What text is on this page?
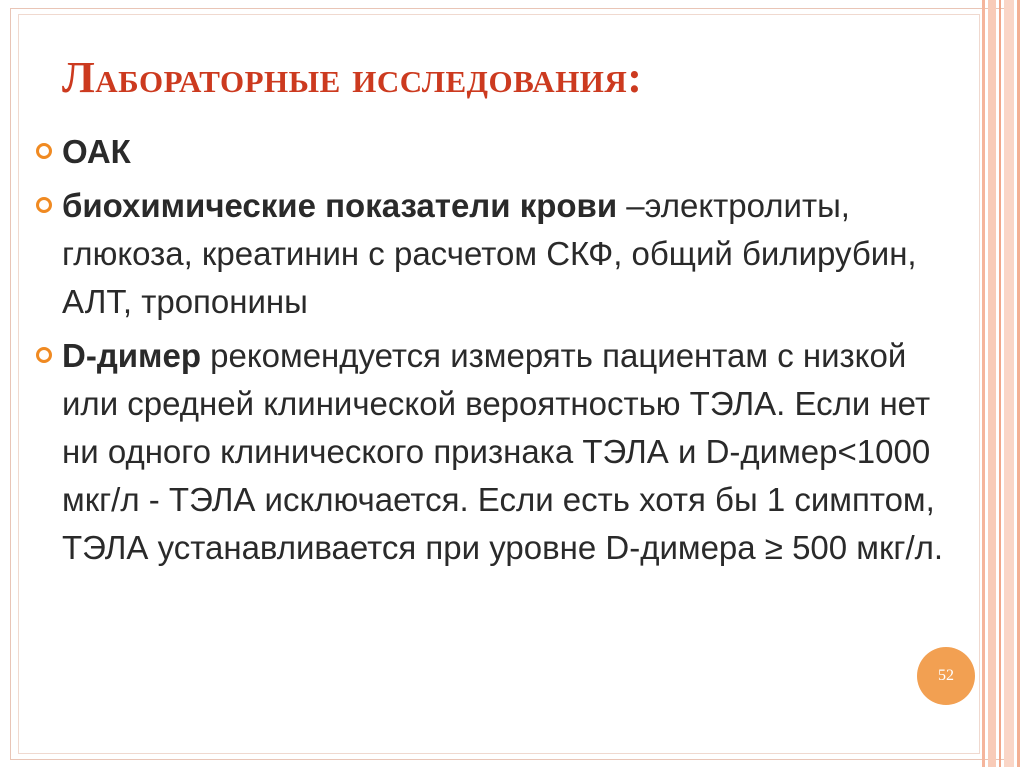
Лабораторные исследования:
ОАК
биохимические показатели крови –электролиты, глюкоза, креатинин с расчетом СКФ, общий билирубин, АЛТ, тропонины
D-димер рекомендуется измерять пациентам с низкой или средней клинической вероятностью ТЭЛА. Если нет ни одного клинического признака ТЭЛА и D-димер<1000 мкг/л - ТЭЛА исключается. Если есть хотя бы 1 симптом, ТЭЛА устанавливается при уровне D-димера ≥ 500 мкг/л.
52
